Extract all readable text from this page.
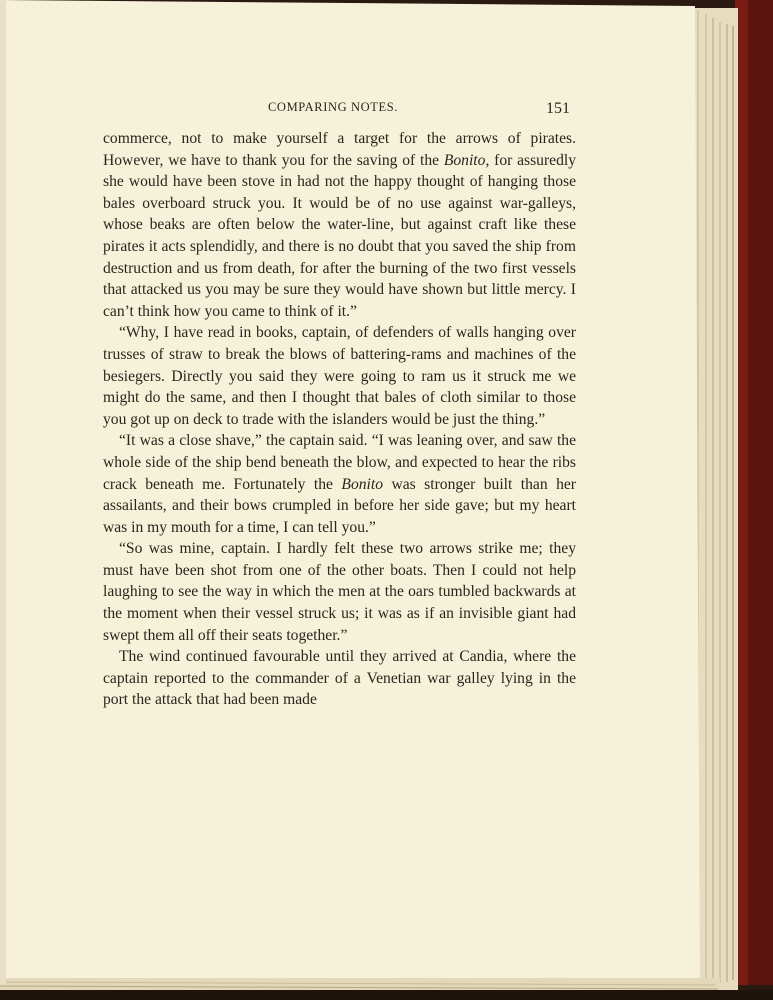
COMPARING NOTES.	151

commerce, not to make yourself a target for the arrows of pirates. However, we have to thank you for the saving of the Bonito, for assuredly she would have been stove in had not the happy thought of hanging those bales overboard struck you. It would be of no use against war-galleys, whose beaks are often below the water-line, but against craft like these pirates it acts splendidly, and there is no doubt that you saved the ship from destruction and us from death, for after the burning of the two first vessels that attacked us you may be sure they would have shown but little mercy. I can’t think how you came to think of it.”

“Why, I have read in books, captain, of defenders of walls hanging over trusses of straw to break the blows of battering-rams and machines of the besiegers. Directly you said they were going to ram us it struck me we might do the same, and then I thought that bales of cloth similar to those you got up on deck to trade with the islanders would be just the thing.”

“It was a close shave,” the captain said. “I was leaning over, and saw the whole side of the ship bend beneath the blow, and expected to hear the ribs crack beneath me. Fortunately the Bonito was stronger built than her assailants, and their bows crumpled in before her side gave; but my heart was in my mouth for a time, I can tell you.”

“So was mine, captain. I hardly felt these two arrows strike me; they must have been shot from one of the other boats. Then I could not help laughing to see the way in which the men at the oars tumbled backwards at the moment when their vessel struck us; it was as if an invisible giant had swept them all off their seats together.”

The wind continued favourable until they arrived at Candia, where the captain reported to the commander of a Venetian war galley lying in the port the attack that had been made
